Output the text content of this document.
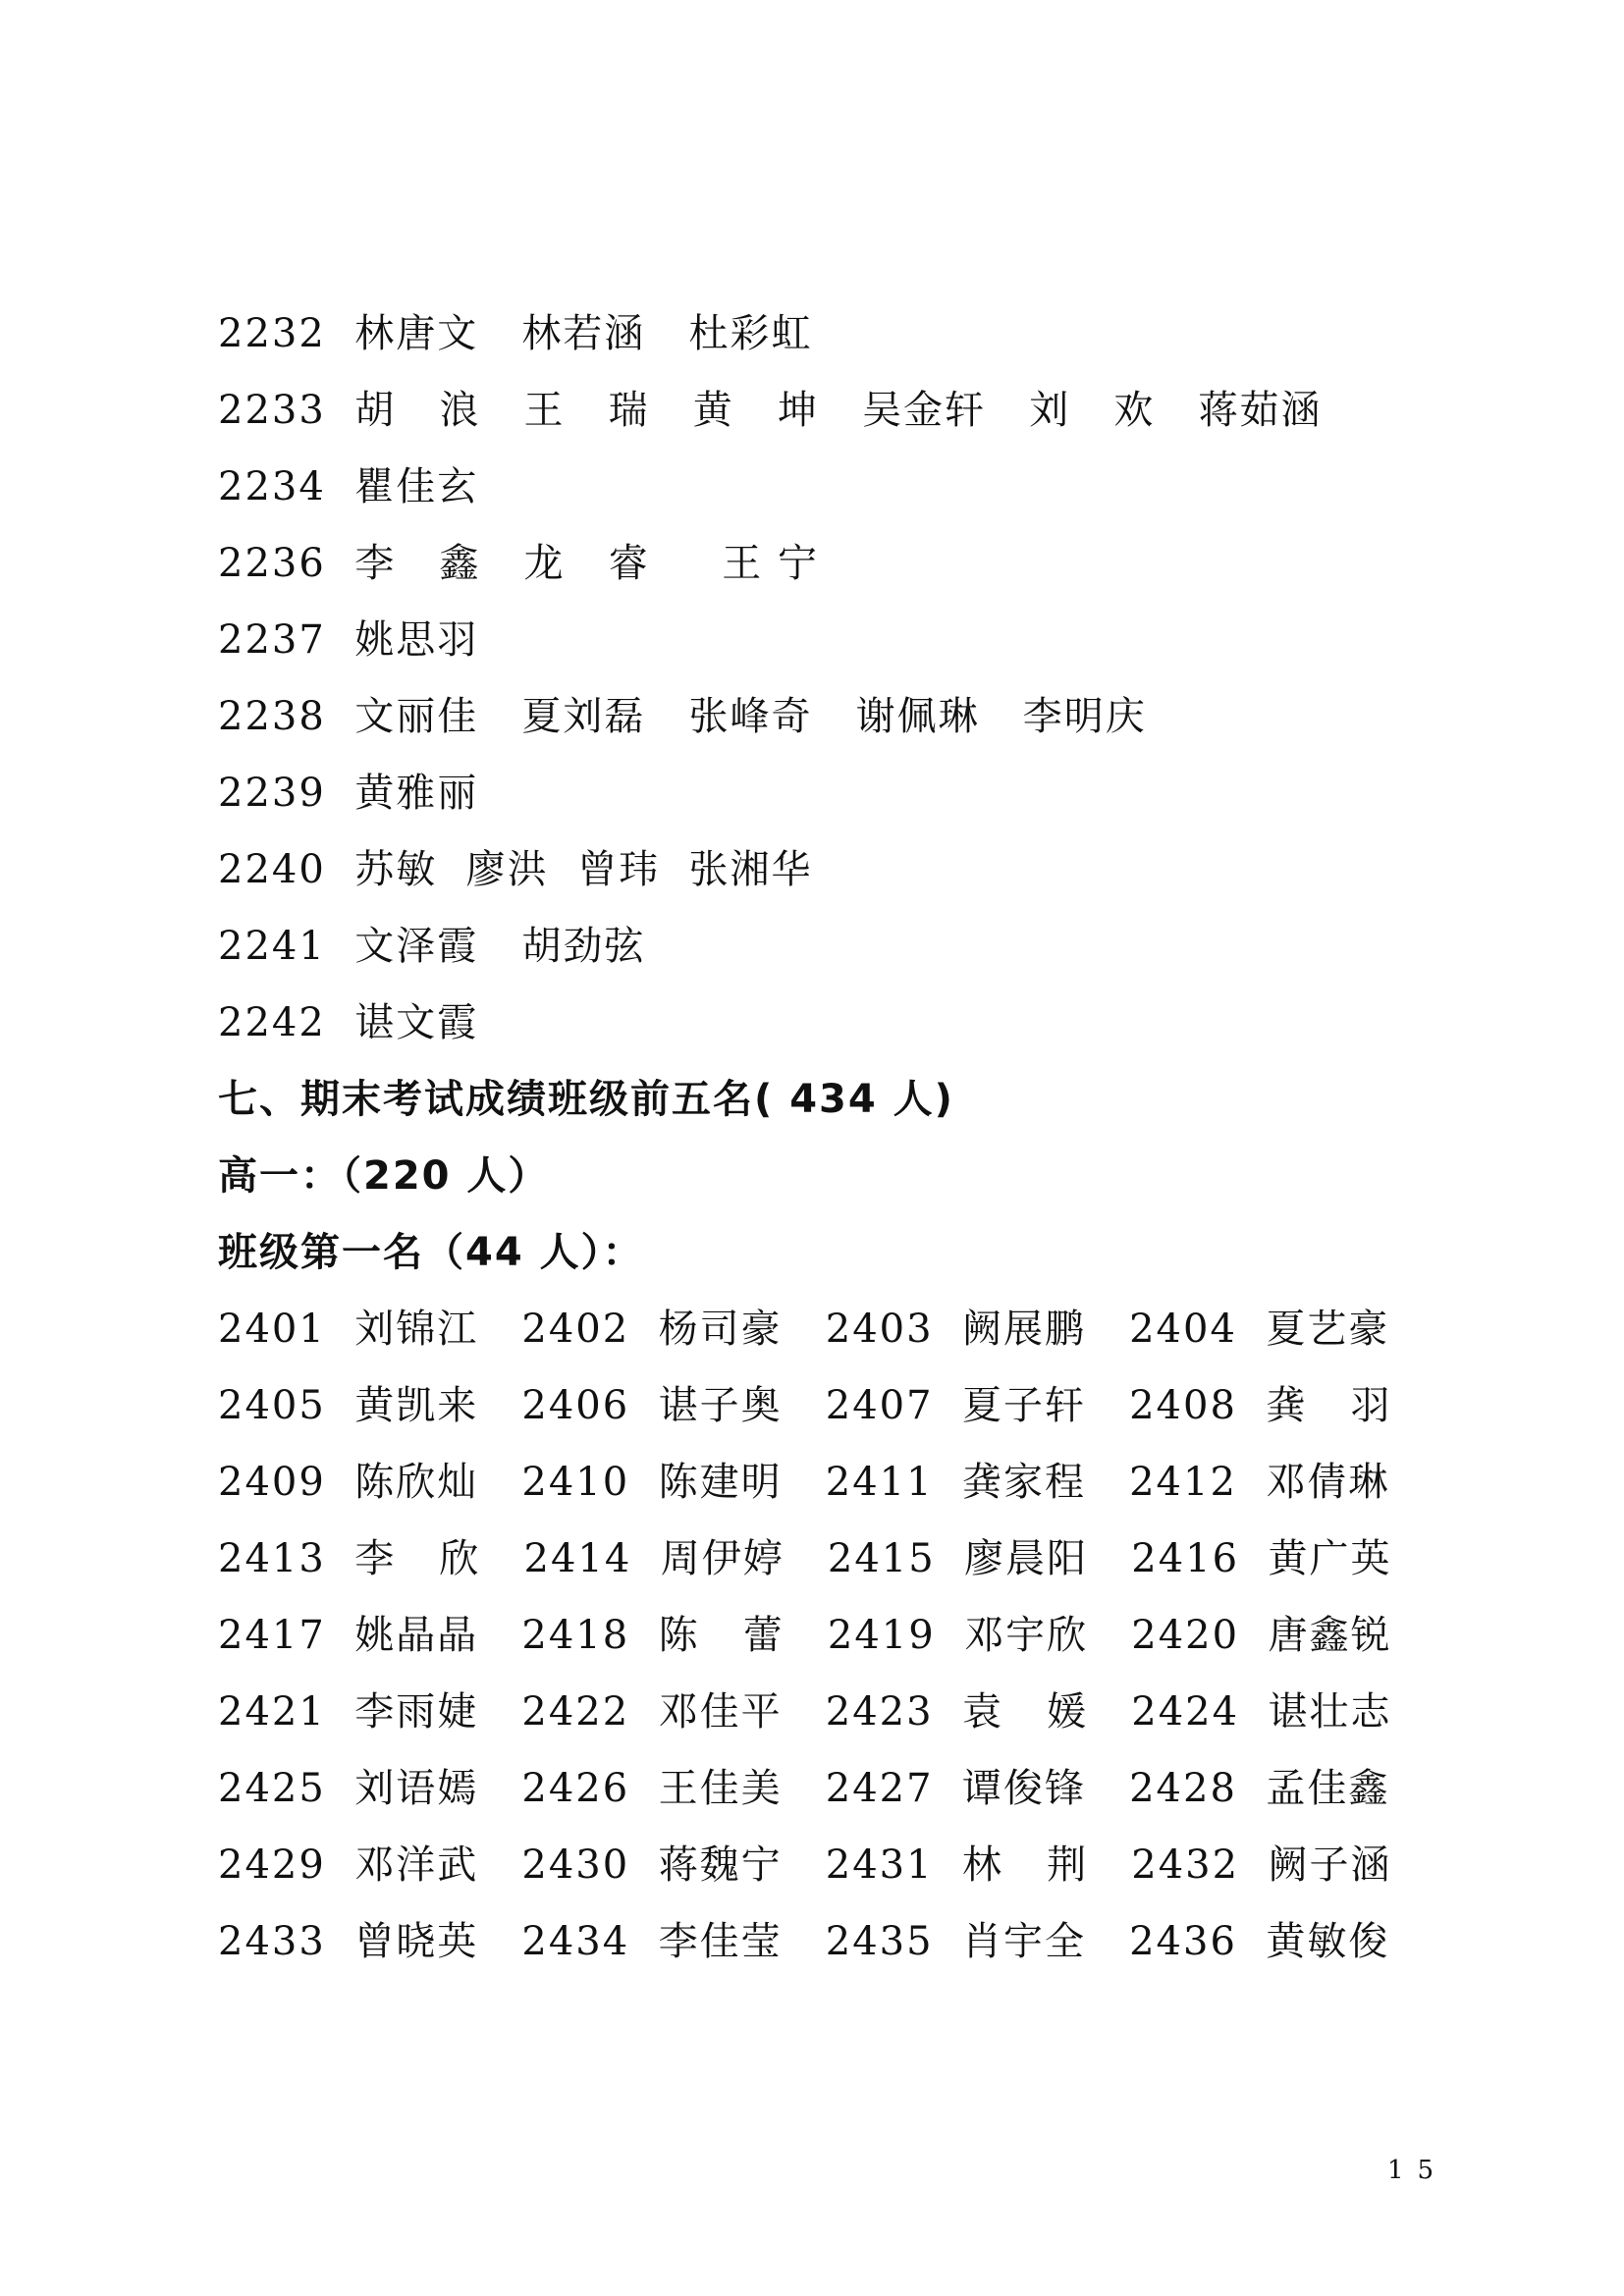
2232  林唐文   林若涵   杜彩虹
2233  胡   浪   王   瑞   黄   坤   吴金轩   刘   欢   蒋茹涵
2234  瞿佳玄
2236  李   鑫   龙   睿     王 宁
2237  姚思羽
2238  文丽佳   夏刘磊   张峰奇   谢佩琳   李明庆
2239  黄雅丽
2240  苏敏  廖洪  曾玮  张湘华
2241  文泽霞   胡劲弦
2242  谌文霞
七、期末考试成绩班级前五名( 434 人)
高一：（220 人）
班级第一名（44 人）：
2401  刘锦江   2402  杨司豪   2403  阙展鹏   2404  夏艺豪
2405  黄凯来   2406  谌子奥   2407  夏子轩   2408  龚   羽
2409  陈欣灿   2410  陈建明   2411  龚家程   2412  邓倩琳
2413  李   欣   2414  周伊婷   2415  廖晨阳   2416  黄广英
2417  姚晶晶   2418  陈   蕾   2419  邓宇欣   2420  唐鑫锐
2421  李雨婕   2422  邓佳平   2423  袁   媛   2424  谌壮志
2425  刘语嫣   2426  王佳美   2427  谭俊锋   2428  孟佳鑫
2429  邓洋武   2430  蒋魏宁   2431  林   荆   2432  阙子涵
2433  曾晓英   2434  李佳莹   2435  肖宇全   2436  黄敏俊
15
